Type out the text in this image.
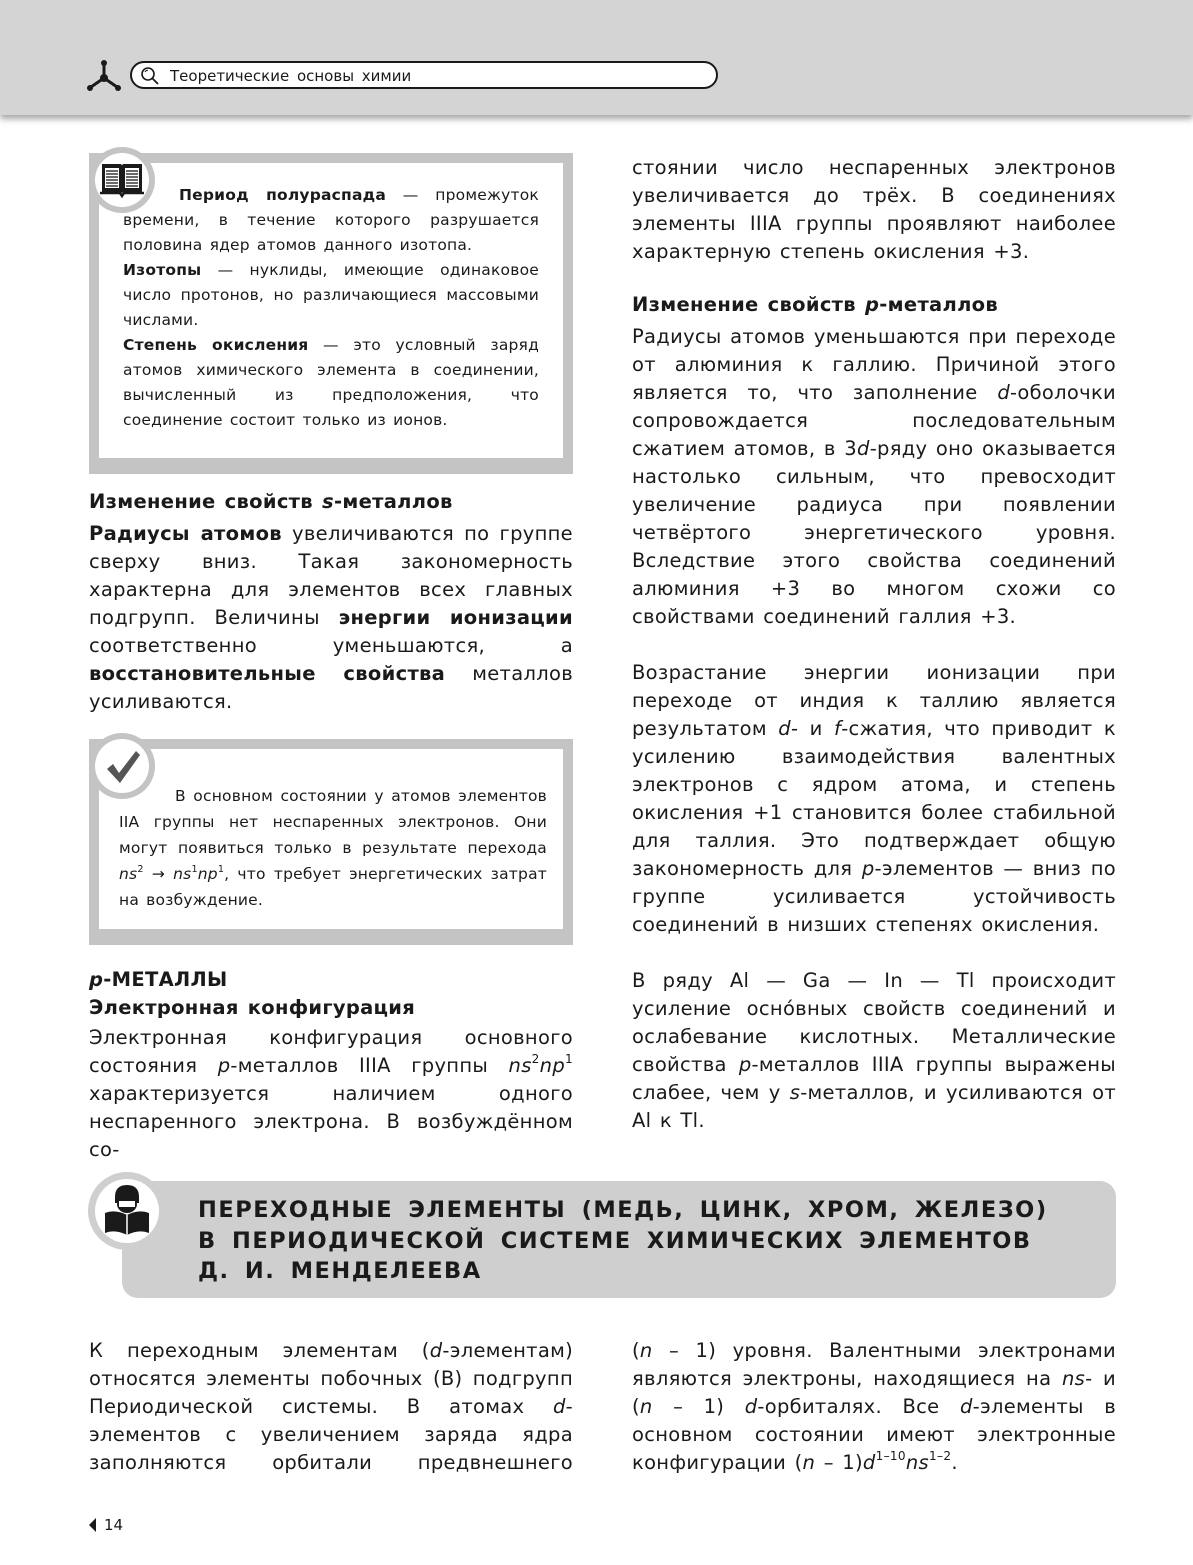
Теоретические основы химии

Период полураспада — промежуток времени, в течение которого разрушается половина ядер атомов данного изотопа.

Изотопы — нуклиды, имеющие одинаковое число протонов, но различающиеся массовыми числами.

Степень окисления — это условный заряд атомов химического элемента в соединении, вычисленный из предположения, что соединение состоит только из ионов.

Изменение свойств s-металлов

Радиусы атомов увеличиваются по группе сверху вниз. Такая закономерность характерна для элементов всех главных подгрупп. Величины энергии ионизации соответственно уменьшаются, а восстановительные свойства металлов усиливаются.

В основном состоянии у атомов элементов IIA группы нет неспаренных электронов. Они могут появиться только в результате перехода $ns^2 \to ns^1np^1$, что требует энергетических затрат на возбуждение.

p-МЕТАЛЛЫ
Электронная конфигурация

Электронная конфигурация основного состояния p-металлов IIIA группы $ns^2np^1$ характеризуется наличием одного неспаренного электрона. В возбуждённом со-

стоянии число неспаренных электронов увеличивается до трёх. В соединениях элементы IIIA группы проявляют наиболее характерную степень окисления +3.

Изменение свойств p-металлов

Радиусы атомов уменьшаются при переходе от алюминия к галлию. Причиной этого является то, что заполнение d-оболочки сопровождается последовательным сжатием атомов, в 3d-ряду оно оказывается настолько сильным, что превосходит увеличение радиуса при появлении четвёртого энергетического уровня. Вследствие этого свойства соединений алюминия +3 во многом схожи со свойствами соединений галлия +3.

Возрастание энергии ионизации при переходе от индия к таллию является результатом d- и f-сжатия, что приводит к усилению взаимодействия валентных электронов с ядром атома, и степень окисления +1 становится более стабильной для таллия. Это подтверждает общую закономерность для p-элементов — вниз по группе усиливается устойчивость соединений в низших степенях окисления.

В ряду Al — Ga — In — Tl происходит усиление осно́вных свойств соединений и ослабевание кислотных. Металлические свойства p-металлов IIIA группы выражены слабее, чем у s-металлов, и усиливаются от Al к Tl.

ПЕРЕХОДНЫЕ ЭЛЕМЕНТЫ (МЕДЬ, ЦИНК, ХРОМ, ЖЕЛЕЗО)
В ПЕРИОДИЧЕСКОЙ СИСТЕМЕ ХИМИЧЕСКИХ ЭЛЕМЕНТОВ
Д. И. МЕНДЕЛЕЕВА

К переходным элементам (d-элементам) относятся элементы побочных (B) подгрупп Периодической системы. В атомах d-элементов с увеличением заряда ядра заполняются орбитали предвнешнего

(n – 1) уровня. Валентными электронами являются электроны, находящиеся на ns- и (n – 1) d-орбиталях. Все d-элементы в основном состоянии имеют электронные конфигурации $(n - 1)d^{1-10}ns^{1-2}$.

14
